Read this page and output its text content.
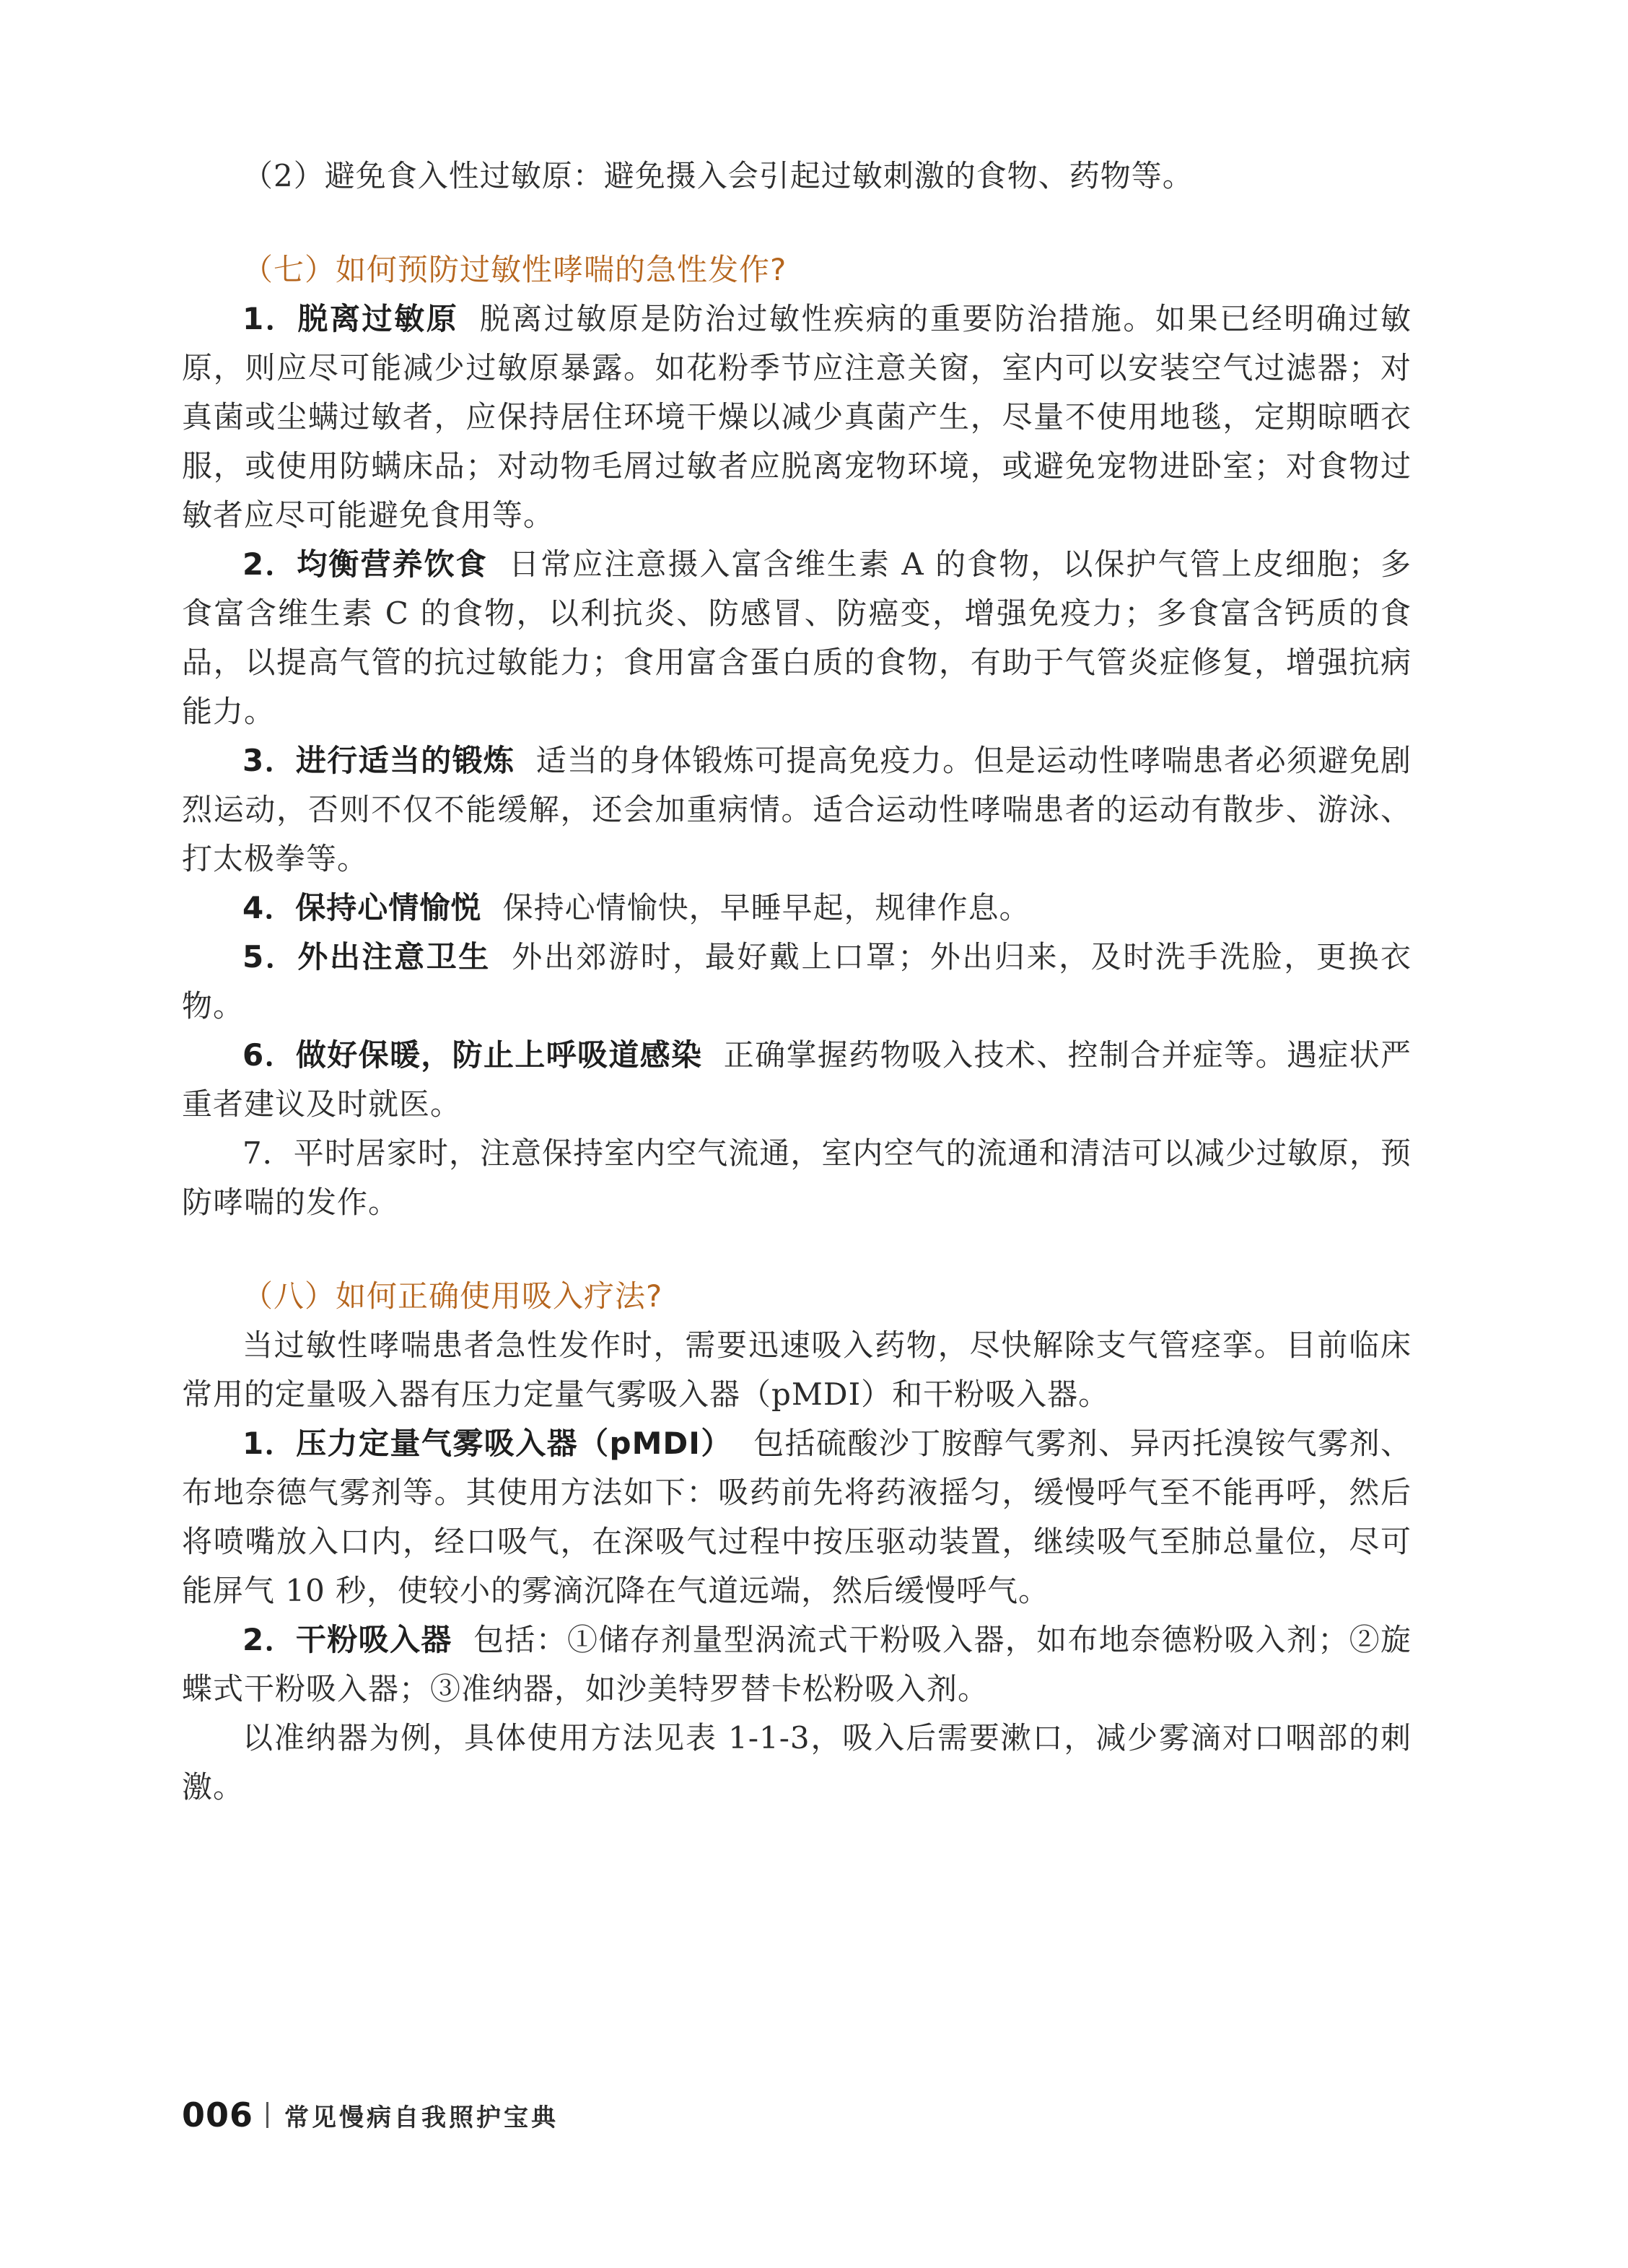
（2）避免食入性过敏原：避免摄入会引起过敏刺激的食物、药物等。

（七）如何预防过敏性哮喘的急性发作?

1．脱离过敏原 脱离过敏原是防治过敏性疾病的重要防治措施。如果已经明确过敏原，则应尽可能减少过敏原暴露。如花粉季节应注意关窗，室内可以安装空气过滤器；对真菌或尘螨过敏者，应保持居住环境干燥以减少真菌产生，尽量不使用地毯，定期晾晒衣服，或使用防螨床品；对动物毛屑过敏者应脱离宠物环境，或避免宠物进卧室；对食物过敏者应尽可能避免食用等。

2．均衡营养饮食 日常应注意摄入富含维生素 A 的食物，以保护气管上皮细胞；多食富含维生素 C 的食物，以利抗炎、防感冒、防癌变，增强免疫力；多食富含钙质的食品，以提高气管的抗过敏能力；食用富含蛋白质的食物，有助于气管炎症修复，增强抗病能力。

3．进行适当的锻炼 适当的身体锻炼可提高免疫力。但是运动性哮喘患者必须避免剧烈运动，否则不仅不能缓解，还会加重病情。适合运动性哮喘患者的运动有散步、游泳、打太极拳等。

4．保持心情愉悦 保持心情愉快，早睡早起，规律作息。

5．外出注意卫生 外出郊游时，最好戴上口罩；外出归来，及时洗手洗脸，更换衣物。

6．做好保暖，防止上呼吸道感染 正确掌握药物吸入技术、控制合并症等。遇症状严重者建议及时就医。

7．平时居家时，注意保持室内空气流通，室内空气的流通和清洁可以减少过敏原，预防哮喘的发作。

（八）如何正确使用吸入疗法?

当过敏性哮喘患者急性发作时，需要迅速吸入药物，尽快解除支气管痉挛。目前临床常用的定量吸入器有压力定量气雾吸入器（pMDI）和干粉吸入器。

1．压力定量气雾吸入器（pMDI） 包括硫酸沙丁胺醇气雾剂、异丙托溴铵气雾剂、布地奈德气雾剂等。其使用方法如下：吸药前先将药液摇匀，缓慢呼气至不能再呼，然后将喷嘴放入口内，经口吸气，在深吸气过程中按压驱动装置，继续吸气至肺总量位，尽可能屏气 10 秒，使较小的雾滴沉降在气道远端，然后缓慢呼气。

2．干粉吸入器 包括：①储存剂量型涡流式干粉吸入器，如布地奈德粉吸入剂；②旋蝶式干粉吸入器；③准纳器，如沙美特罗替卡松粉吸入剂。

以准纳器为例，具体使用方法见表 1-1-3，吸入后需要漱口，减少雾滴对口咽部的刺激。

006 常见慢病自我照护宝典
